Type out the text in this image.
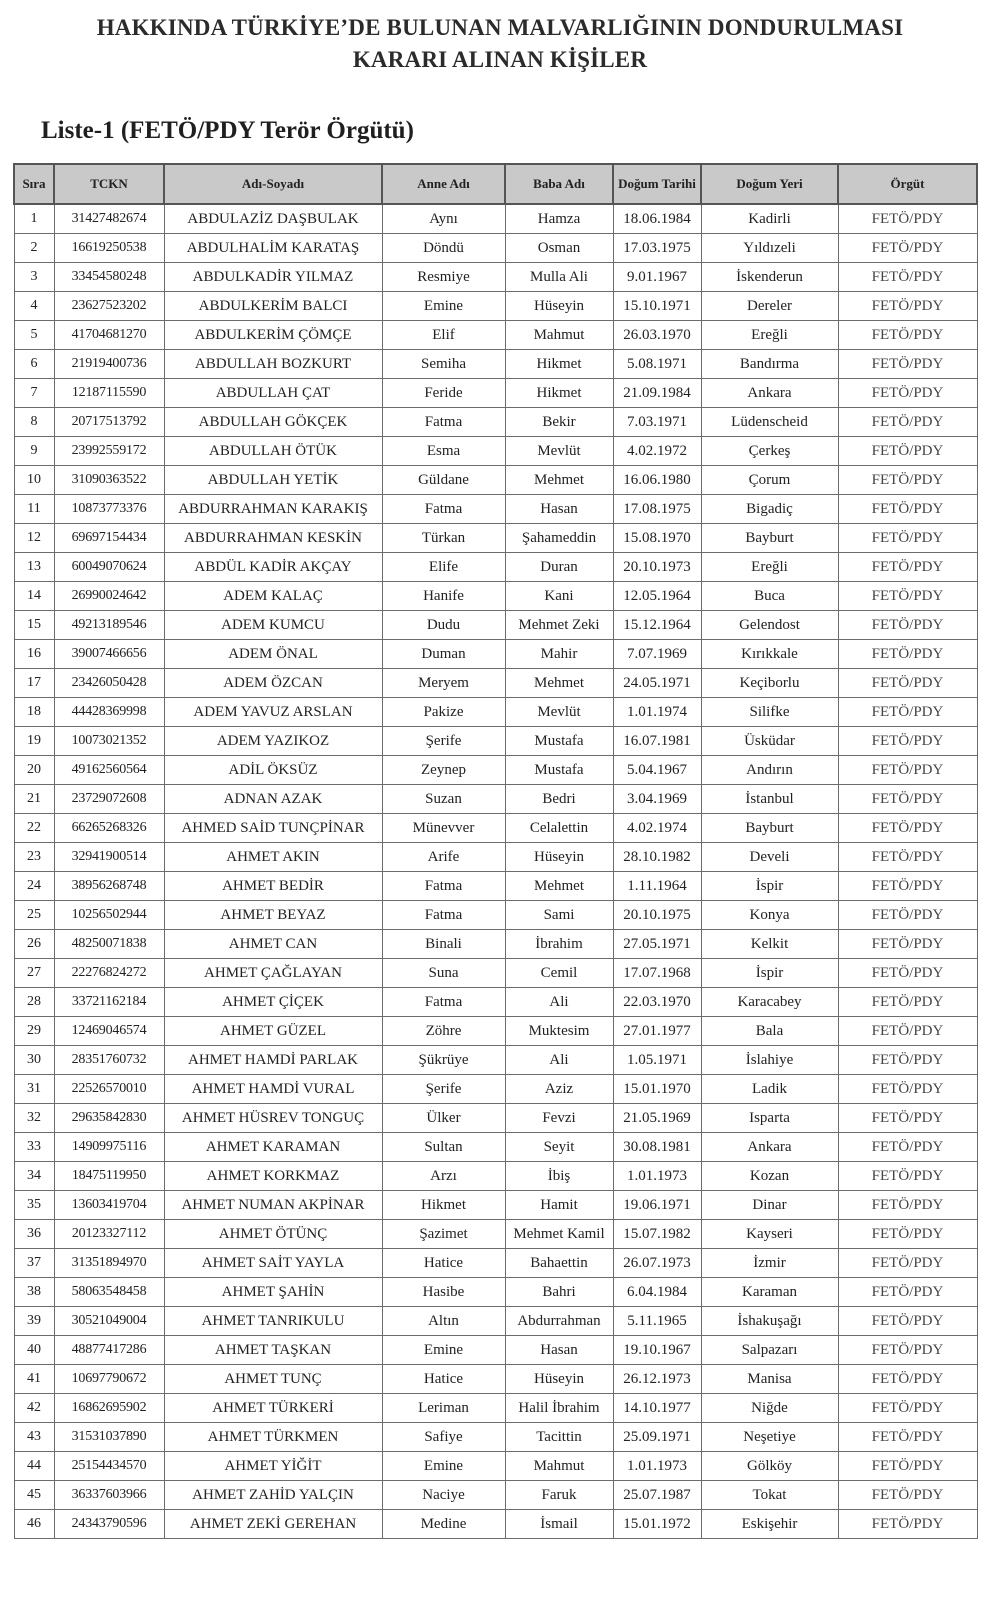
HAKKINDA TÜRKİYE’DE BULUNAN MALVARLIĞININ DONDURULMASI
KARARI ALINAN KİŞİLER
Liste-1 (FETÖ/PDY Terör Örgütü)
Sıra	TCKN	Adı-Soyadı	Anne Adı	Baba Adı	Doğum Tarihi	Doğum Yeri	Örgüt
1	31427482674	ABDULAZİZ DAŞBULAK	Aynı	Hamza	18.06.1984	Kadirli	FETÖ/PDY
2	16619250538	ABDULHALİM KARATAŞ	Döndü	Osman	17.03.1975	Yıldızeli	FETÖ/PDY
3	33454580248	ABDULKADİR YILMAZ	Resmiye	Mulla Ali	9.01.1967	İskenderun	FETÖ/PDY
4	23627523202	ABDULKERİM BALCI	Emine	Hüseyin	15.10.1971	Dereler	FETÖ/PDY
5	41704681270	ABDULKERİM ÇÖMÇE	Elif	Mahmut	26.03.1970	Ereğli	FETÖ/PDY
6	21919400736	ABDULLAH BOZKURT	Semiha	Hikmet	5.08.1971	Bandırma	FETÖ/PDY
7	12187115590	ABDULLAH ÇAT	Feride	Hikmet	21.09.1984	Ankara	FETÖ/PDY
8	20717513792	ABDULLAH GÖKÇEK	Fatma	Bekir	7.03.1971	Lüdenscheid	FETÖ/PDY
9	23992559172	ABDULLAH ÖTÜK	Esma	Mevlüt	4.02.1972	Çerkeş	FETÖ/PDY
10	31090363522	ABDULLAH YETİK	Güldane	Mehmet	16.06.1980	Çorum	FETÖ/PDY
11	10873773376	ABDURRAHMAN KARAKIŞ	Fatma	Hasan	17.08.1975	Bigadiç	FETÖ/PDY
12	69697154434	ABDURRAHMAN KESKİN	Türkan	Şahameddin	15.08.1970	Bayburt	FETÖ/PDY
13	60049070624	ABDÜL KADİR AKÇAY	Elife	Duran	20.10.1973	Ereğli	FETÖ/PDY
14	26990024642	ADEM KALAÇ	Hanife	Kani	12.05.1964	Buca	FETÖ/PDY
15	49213189546	ADEM KUMCU	Dudu	Mehmet Zeki	15.12.1964	Gelendost	FETÖ/PDY
16	39007466656	ADEM ÖNAL	Duman	Mahir	7.07.1969	Kırıkkale	FETÖ/PDY
17	23426050428	ADEM ÖZCAN	Meryem	Mehmet	24.05.1971	Keçiborlu	FETÖ/PDY
18	44428369998	ADEM YAVUZ ARSLAN	Pakize	Mevlüt	1.01.1974	Silifke	FETÖ/PDY
19	10073021352	ADEM YAZIKOZ	Şerife	Mustafa	16.07.1981	Üsküdar	FETÖ/PDY
20	49162560564	ADİL ÖKSÜZ	Zeynep	Mustafa	5.04.1967	Andırın	FETÖ/PDY
21	23729072608	ADNAN AZAK	Suzan	Bedri	3.04.1969	İstanbul	FETÖ/PDY
22	66265268326	AHMED SAİD TUNÇPİNAR	Münevver	Celalettin	4.02.1974	Bayburt	FETÖ/PDY
23	32941900514	AHMET AKIN	Arife	Hüseyin	28.10.1982	Develi	FETÖ/PDY
24	38956268748	AHMET BEDİR	Fatma	Mehmet	1.11.1964	İspir	FETÖ/PDY
25	10256502944	AHMET BEYAZ	Fatma	Sami	20.10.1975	Konya	FETÖ/PDY
26	48250071838	AHMET CAN	Binali	İbrahim	27.05.1971	Kelkit	FETÖ/PDY
27	22276824272	AHMET ÇAĞLAYAN	Suna	Cemil	17.07.1968	İspir	FETÖ/PDY
28	33721162184	AHMET ÇİÇEK	Fatma	Ali	22.03.1970	Karacabey	FETÖ/PDY
29	12469046574	AHMET GÜZEL	Zöhre	Muktesim	27.01.1977	Bala	FETÖ/PDY
30	28351760732	AHMET HAMDİ PARLAK	Şükrüye	Ali	1.05.1971	İslahiye	FETÖ/PDY
31	22526570010	AHMET HAMDİ VURAL	Şerife	Aziz	15.01.1970	Ladik	FETÖ/PDY
32	29635842830	AHMET HÜSREV TONGUÇ	Ülker	Fevzi	21.05.1969	Isparta	FETÖ/PDY
33	14909975116	AHMET KARAMAN	Sultan	Seyit	30.08.1981	Ankara	FETÖ/PDY
34	18475119950	AHMET KORKMAZ	Arzı	İbiş	1.01.1973	Kozan	FETÖ/PDY
35	13603419704	AHMET NUMAN AKPİNAR	Hikmet	Hamit	19.06.1971	Dinar	FETÖ/PDY
36	20123327112	AHMET ÖTÜNÇ	Şazimet	Mehmet Kamil	15.07.1982	Kayseri	FETÖ/PDY
37	31351894970	AHMET SAİT YAYLA	Hatice	Bahaettin	26.07.1973	İzmir	FETÖ/PDY
38	58063548458	AHMET ŞAHİN	Hasibe	Bahri	6.04.1984	Karaman	FETÖ/PDY
39	30521049004	AHMET TANRIKULU	Altın	Abdurrahman	5.11.1965	İshakuşağı	FETÖ/PDY
40	48877417286	AHMET TAŞKAN	Emine	Hasan	19.10.1967	Salpazarı	FETÖ/PDY
41	10697790672	AHMET TUNÇ	Hatice	Hüseyin	26.12.1973	Manisa	FETÖ/PDY
42	16862695902	AHMET TÜRKERİ	Leriman	Halil İbrahim	14.10.1977	Niğde	FETÖ/PDY
43	31531037890	AHMET TÜRKMEN	Safiye	Tacittin	25.09.1971	Neşetiye	FETÖ/PDY
44	25154434570	AHMET YİĞİT	Emine	Mahmut	1.01.1973	Gölköy	FETÖ/PDY
45	36337603966	AHMET ZAHİD YALÇIN	Naciye	Faruk	25.07.1987	Tokat	FETÖ/PDY
46	24343790596	AHMET ZEKİ GEREHAN	Medine	İsmail	15.01.1972	Eskişehir	FETÖ/PDY
